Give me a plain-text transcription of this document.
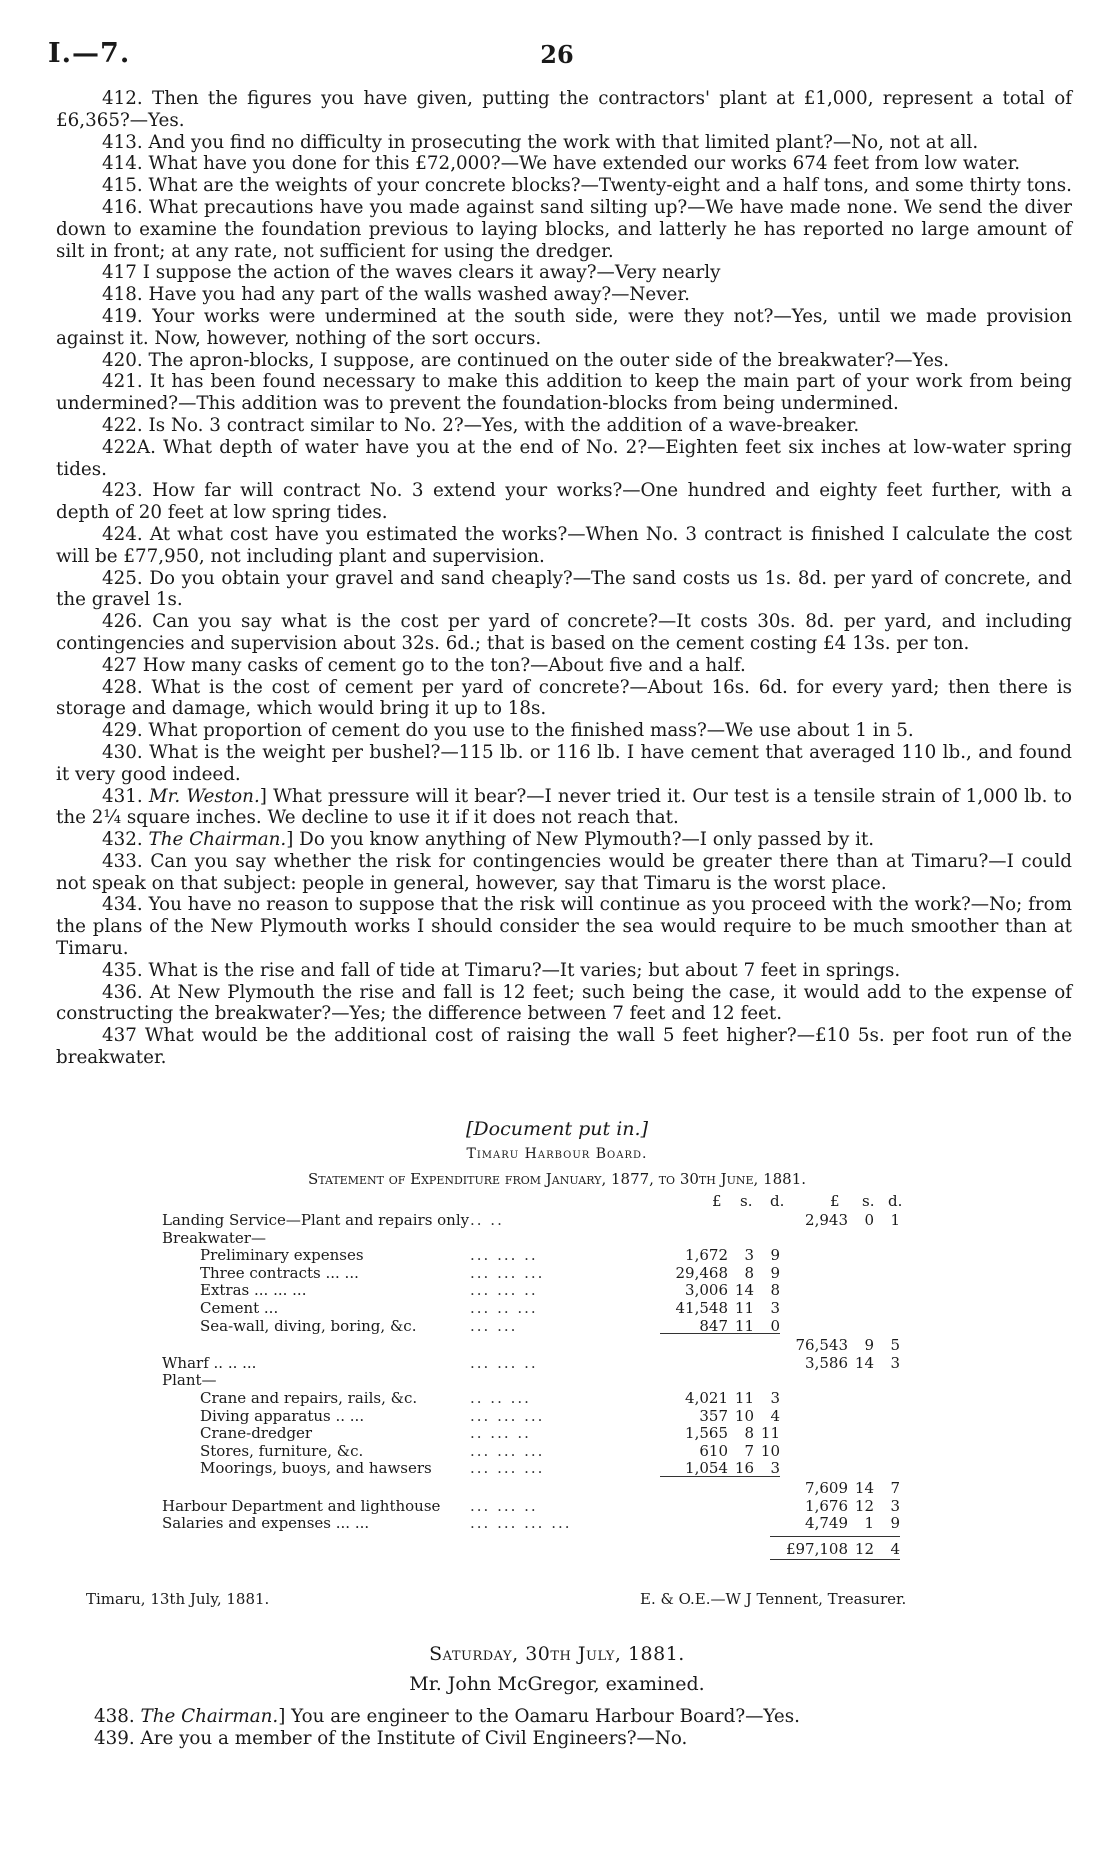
I.—7.	26

412. Then the figures you have given, putting the contractors' plant at £1,000, represent a total of £6,365?—Yes.

413. And you find no difficulty in prosecuting the work with that limited plant?—No, not at all.

414. What have you done for this £72,000?—We have extended our works 674 feet from low water.

415. What are the weights of your concrete blocks?—Twenty-eight and a half tons, and some thirty tons.

416. What precautions have you made against sand silting up?—We have made none. We send the diver down to examine the foundation previous to laying blocks, and latterly he has reported no large amount of silt in front; at any rate, not sufficient for using the dredger.

417 I suppose the action of the waves clears it away?—Very nearly

418. Have you had any part of the walls washed away?—Never.

419. Your works were undermined at the south side, were they not?—Yes, until we made provision against it. Now, however, nothing of the sort occurs.

420. The apron-blocks, I suppose, are continued on the outer side of the breakwater?—Yes.

421. It has been found necessary to make this addition to keep the main part of your work from being undermined?—This addition was to prevent the foundation-blocks from being undermined.

422. Is No. 3 contract similar to No. 2?—Yes, with the addition of a wave-breaker.

422A. What depth of water have you at the end of No. 2?—Eighten feet six inches at low-water spring tides.

423. How far will contract No. 3 extend your works?—One hundred and eighty feet further, with a depth of 20 feet at low spring tides.

424. At what cost have you estimated the works?—When No. 3 contract is finished I calculate the cost will be £77,950, not including plant and supervision.

425. Do you obtain your gravel and sand cheaply?—The sand costs us 1s. 8d. per yard of concrete, and the gravel 1s.

426. Can you say what is the cost per yard of concrete?—It costs 30s. 8d. per yard, and including contingencies and supervision about 32s. 6d.; that is based on the cement costing £4 13s. per ton.

427 How many casks of cement go to the ton?—About five and a half.

428. What is the cost of cement per yard of concrete?—About 16s. 6d. for every yard; then there is storage and damage, which would bring it up to 18s.

429. What proportion of cement do you use to the finished mass?—We use about 1 in 5.

430. What is the weight per bushel?—115 lb. or 116 lb. I have cement that averaged 110 lb., and found it very good indeed.

431. Mr. Weston.] What pressure will it bear?—I never tried it. Our test is a tensile strain of 1,000 lb. to the 2¼ square inches. We decline to use it if it does not reach that.

432. The Chairman.] Do you know anything of New Plymouth?—I only passed by it.

433. Can you say whether the risk for contingencies would be greater there than at Timaru?—I could not speak on that subject: people in general, however, say that Timaru is the worst place.

434. You have no reason to suppose that the risk will continue as you proceed with the work?—No; from the plans of the New Plymouth works I should consider the sea would require to be much smoother than at Timaru.

435. What is the rise and fall of tide at Timaru?—It varies; but about 7 feet in springs.

436. At New Plymouth the rise and fall is 12 feet; such being the case, it would add to the expense of constructing the breakwater?—Yes; the difference between 7 feet and 12 feet.

437 What would be the additional cost of raising the wall 5 feet higher?—£10 5s. per foot run of the breakwater.

[Document put in.]
Timaru Harbour Board.
Statement of Expenditure from January, 1877, to 30th June, 1881.
£ s. d.	£ s. d.
Landing Service—Plant and repairs only .. ..	2,943 0 1
Breakwater—
Preliminary expenses	... ... ..	1,672 3 9
Three contracts ... ...	... ... ...	29,468 8 9
Extras ... ... ...	... ... ..	3,006 14 8
Cement ...	... .. ...	41,548 11 3
Sea-wall, diving, boring, &c.	... ...	847 11 0
76,543 9 5
Wharf .. .. ...	... ... ..	3,586 14 3
Plant—
Crane and repairs, rails, &c.	.. .. ...	4,021 11 3
Diving apparatus .. ...	... ... ...	357 10 4
Crane-dredger	.. ... ..	1,565 8 11
Stores, furniture, &c.	... ... ...	610 7 10
Moorings, buoys, and hawsers	... ... ...	1,054 16 3
7,609 14 7
Harbour Department and lighthouse ... ... ..	1,676 12 3
Salaries and expenses ... ...	... ... ... ...	4,749 1 9
£97,108 12 4
Timaru, 13th July, 1881.	E. & O.E.—W J Tennent, Treasurer.
Saturday, 30th July, 1881.
Mr. John McGregor, examined.

438. The Chairman.] You are engineer to the Oamaru Harbour Board?—Yes.

439. Are you a member of the Institute of Civil Engineers?—No.
